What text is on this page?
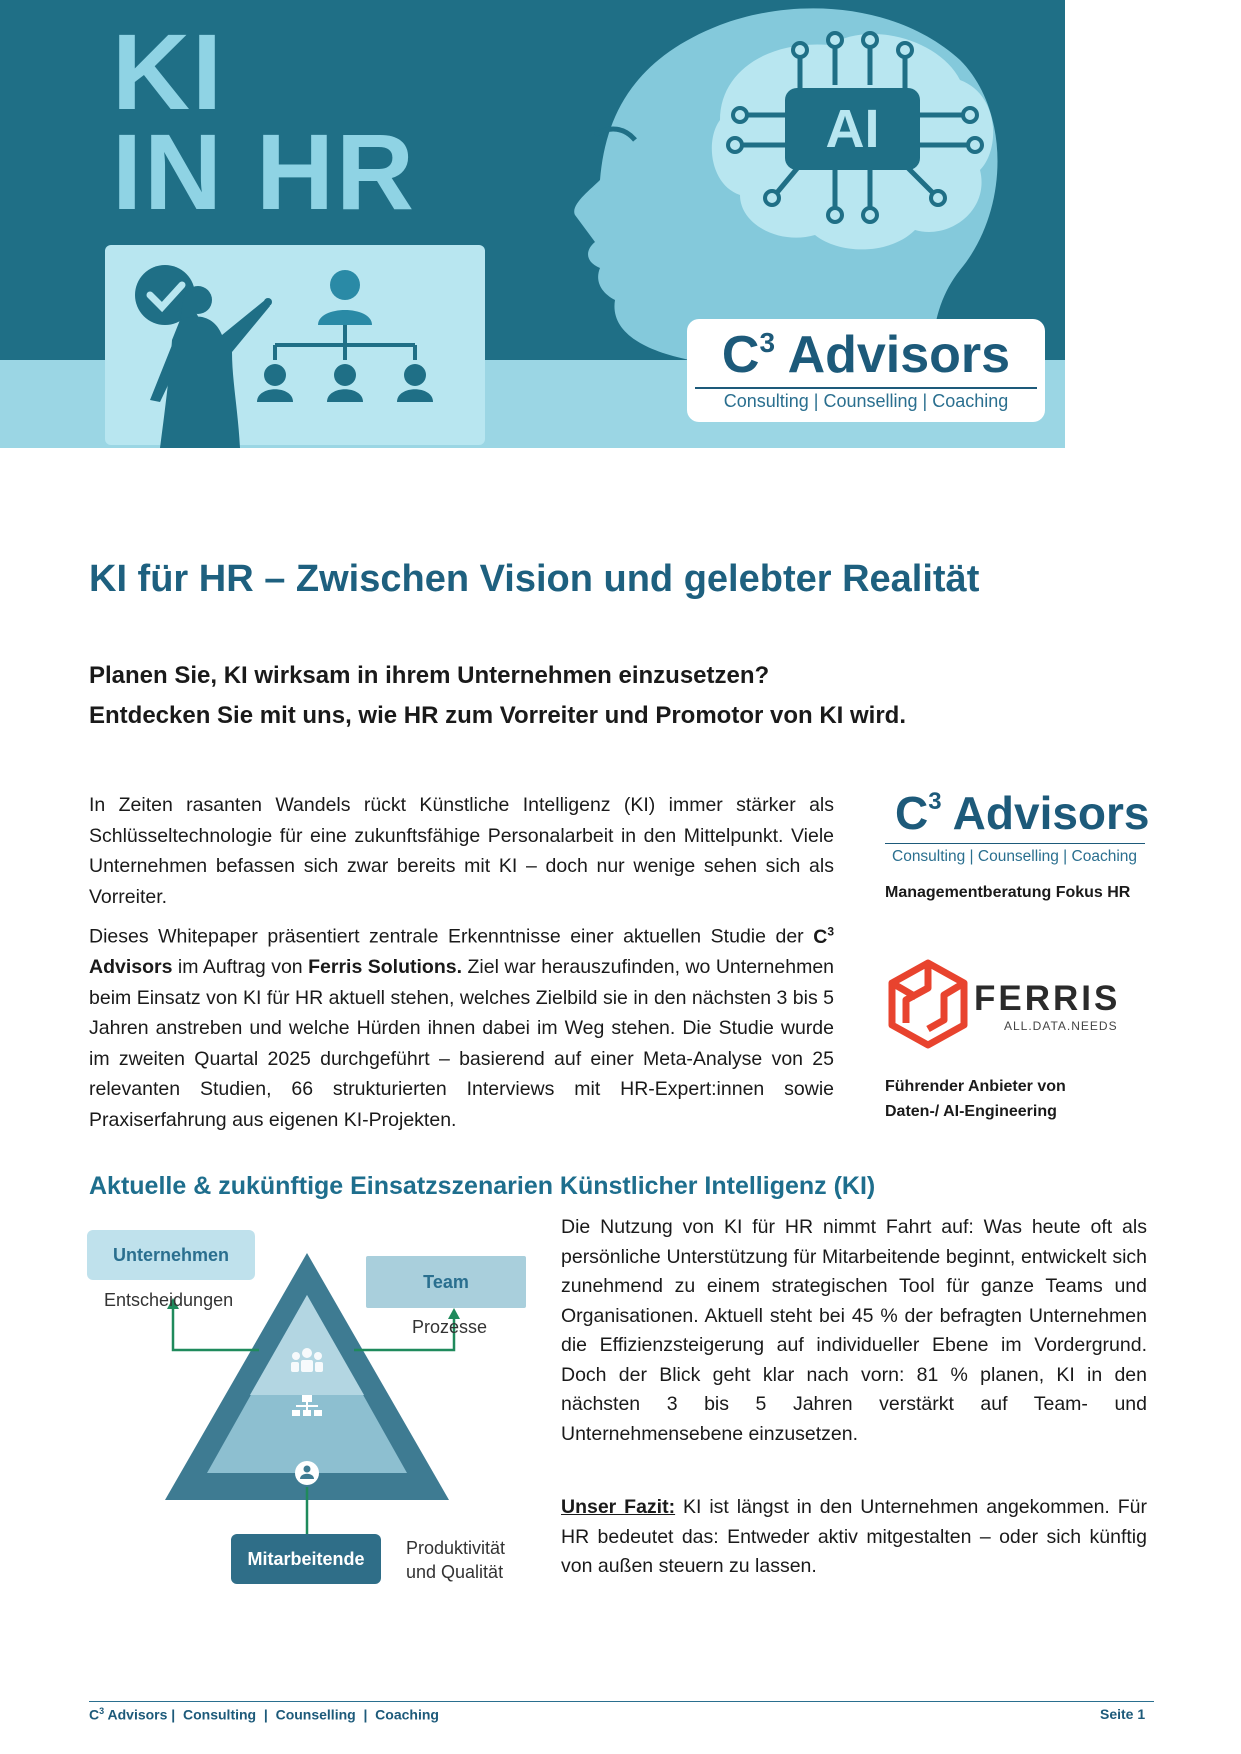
KI
IN HR	AI
$C^3$ Advisors
Consulting | Counselling | Coaching
KI für HR – Zwischen Vision und gelebter Realität

Planen Sie, KI wirksam in ihrem Unternehmen einzusetzen?

Entdecken Sie mit uns, wie HR zum Vorreiter und Promotor von KI wird.

In Zeiten rasanten Wandels rückt Künstliche Intelligenz (KI) immer stärker als Schlüsseltechnologie für eine zukunftsfähige Personalarbeit in den Mittelpunkt. Viele Unternehmen befassen sich zwar bereits mit KI – doch nur wenige sehen sich als Vorreiter.

Dieses Whitepaper präsentiert zentrale Erkenntnisse einer aktuellen Studie der $C^3$ Advisors im Auftrag von Ferris Solutions. Ziel war herauszufinden, wo Unternehmen beim Einsatz von KI für HR aktuell stehen, welches Zielbild sie in den nächsten 3 bis 5 Jahren anstreben und welche Hürden ihnen dabei im Weg stehen. Die Studie wurde im zweiten Quartal 2025 durchgeführt – basierend auf einer Meta-Analyse von 25 relevanten Studien, 66 strukturierten Interviews mit HR-Expert:innen sowie Praxiserfahrung aus eigenen KI-Projekten.

$C^3$ Advisors
Consulting | Counselling | Coaching
Managementberatung Fokus HR
FERRIS
ALL.DATA.NEEDS
Führender Anbieter von
Daten-/ AI-Engineering
Aktuelle & zukünftige Einsatzszenarien Künstlicher Intelligenz (KI)
Unternehmen
Entscheidungen
Team
Prozesse
Mitarbeitende
Produktivität
und Qualität

Die Nutzung von KI für HR nimmt Fahrt auf: Was heute oft als persönliche Unterstützung für Mitarbeitende beginnt, entwickelt sich zunehmend zu einem strategischen Tool für ganze Teams und Organisationen. Aktuell steht bei 45 % der befragten Unternehmen die Effizienzsteigerung auf individueller Ebene im Vordergrund. Doch der Blick geht klar nach vorn: 81 % planen, KI in den nächsten 3 bis 5 Jahren verstärkt auf Team- und Unternehmensebene einzusetzen.

Unser Fazit: KI ist längst in den Unternehmen angekommen. Für HR bedeutet das: Entweder aktiv mitgestalten – oder sich künftig von außen steuern zu lassen.

$C^3$ Advisors |  Consulting  |  Counselling  |  Coaching	Seite 1
